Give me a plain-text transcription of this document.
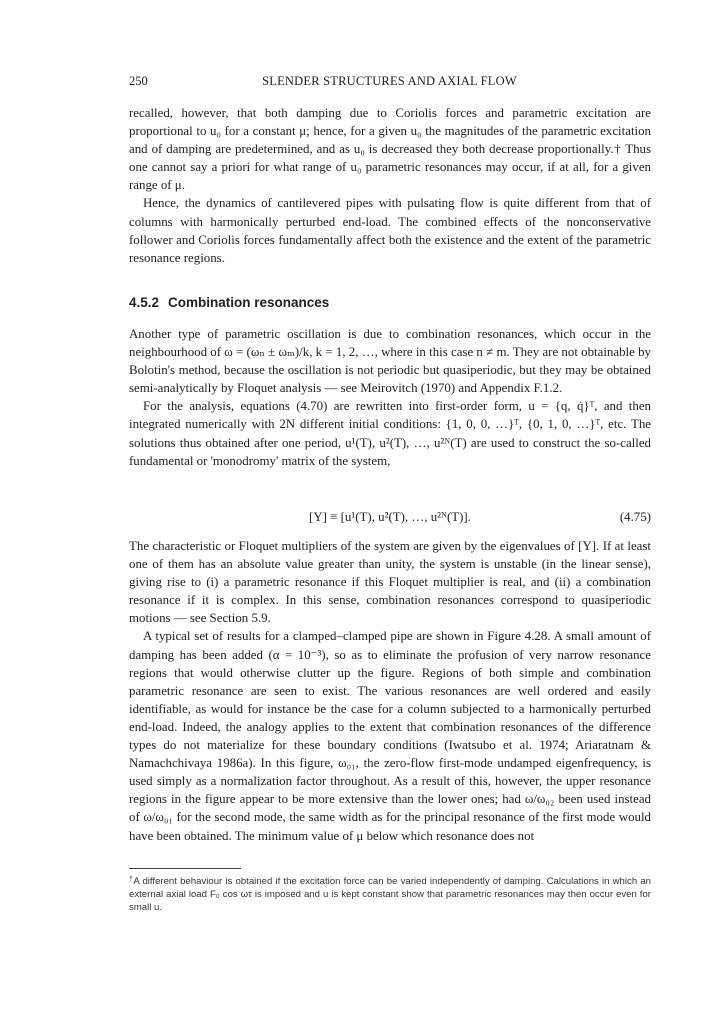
250	SLENDER STRUCTURES AND AXIAL FLOW

recalled, however, that both damping due to Coriolis forces and parametric excitation are proportional to u₀ for a constant μ; hence, for a given u₀ the magnitudes of the parametric excitation and of damping are predetermined, and as u₀ is decreased they both decrease proportionally.† Thus one cannot say a priori for what range of u₀ parametric resonances may occur, if at all, for a given range of μ.

Hence, the dynamics of cantilevered pipes with pulsating flow is quite different from that of columns with harmonically perturbed end-load. The combined effects of the nonconservative follower and Coriolis forces fundamentally affect both the existence and the extent of the parametric resonance regions.

4.5.2 Combination resonances

Another type of parametric oscillation is due to combination resonances, which occur in the neighbourhood of ω = (ωₙ ± ωₘ)/k, k = 1, 2, …, where in this case n ≠ m. They are not obtainable by Bolotin's method, because the oscillation is not periodic but quasiperiodic, but they may be obtained semi-analytically by Floquet analysis — see Meirovitch (1970) and Appendix F.1.2.

For the analysis, equations (4.70) are rewritten into first-order form, u = {q, q̇}ᵀ, and then integrated numerically with 2N different initial conditions: {1, 0, 0, …}ᵀ, {0, 1, 0, …}ᵀ, etc. The solutions thus obtained after one period, u¹(T), u²(T), …, u²ᴺ(T) are used to construct the so-called fundamental or 'monodromy' matrix of the system,

[Y] ≡ [u¹(T), u²(T), …, u²ᴺ(T)].	(4.75)

The characteristic or Floquet multipliers of the system are given by the eigenvalues of [Y]. If at least one of them has an absolute value greater than unity, the system is unstable (in the linear sense), giving rise to (i) a parametric resonance if this Floquet multiplier is real, and (ii) a combination resonance if it is complex. In this sense, combination resonances correspond to quasiperiodic motions — see Section 5.9.

A typical set of results for a clamped–clamped pipe are shown in Figure 4.28. A small amount of damping has been added (α = 10⁻³), so as to eliminate the profusion of very narrow resonance regions that would otherwise clutter up the figure. Regions of both simple and combination parametric resonance are seen to exist. The various resonances are well ordered and easily identifiable, as would for instance be the case for a column subjected to a harmonically perturbed end-load. Indeed, the analogy applies to the extent that combination resonances of the difference types do not materialize for these boundary conditions (Iwatsubo et al. 1974; Ariaratnam & Namachchivaya 1986a). In this figure, ω₀₁, the zero-flow first-mode undamped eigenfrequency, is used simply as a normalization factor throughout. As a result of this, however, the upper resonance regions in the figure appear to be more extensive than the lower ones; had ω/ω₀₂ been used instead of ω/ω₀₁ for the second mode, the same width as for the principal resonance of the first mode would have been obtained. The minimum value of μ below which resonance does not

†A different behaviour is obtained if the excitation force can be varied independently of damping. Calculations in which an external axial load F₀ cos ωτ is imposed and u is kept constant show that parametric resonances may then occur even for small u.
